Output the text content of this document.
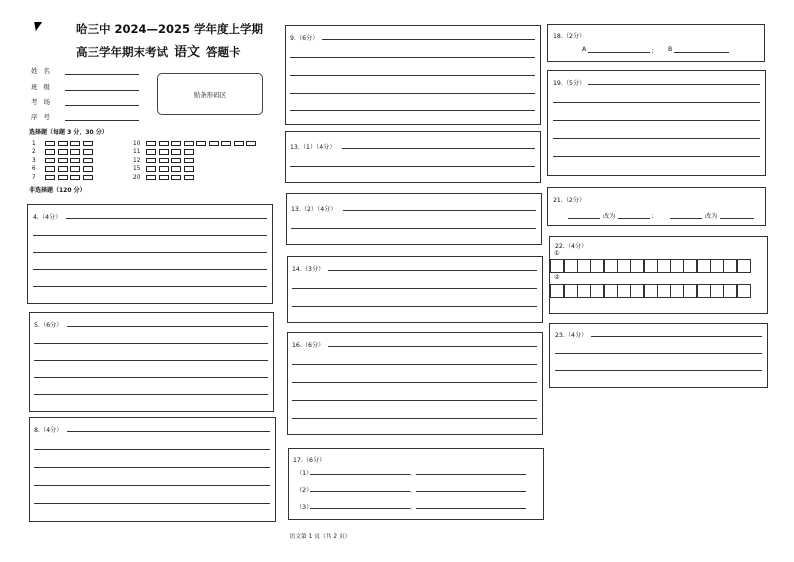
哈三中 2024—2025 学年度上学期
高三学年期末考试 语文 答题卡
姓名
班级
考场
序号
贴条形码区
选择题（每题 3 分，30 分）
1
2
3
6
7
10
11
12
15
20
非选择题（120 分）
4.（4分）
5.（6分）
8.（4分）
9.（6分）
13.（1）（4分）
13.（2）（4分）
14.（3分）
16.（6分）
17.（6分）
（1）	，
（2）	，
（3）	，
18.（2分）
A	； B
19.（5分）
21.（2分）
改为	；	改为
22.（4分）
①
②
23.（4分）
语文第 1 页（共 2 页）
